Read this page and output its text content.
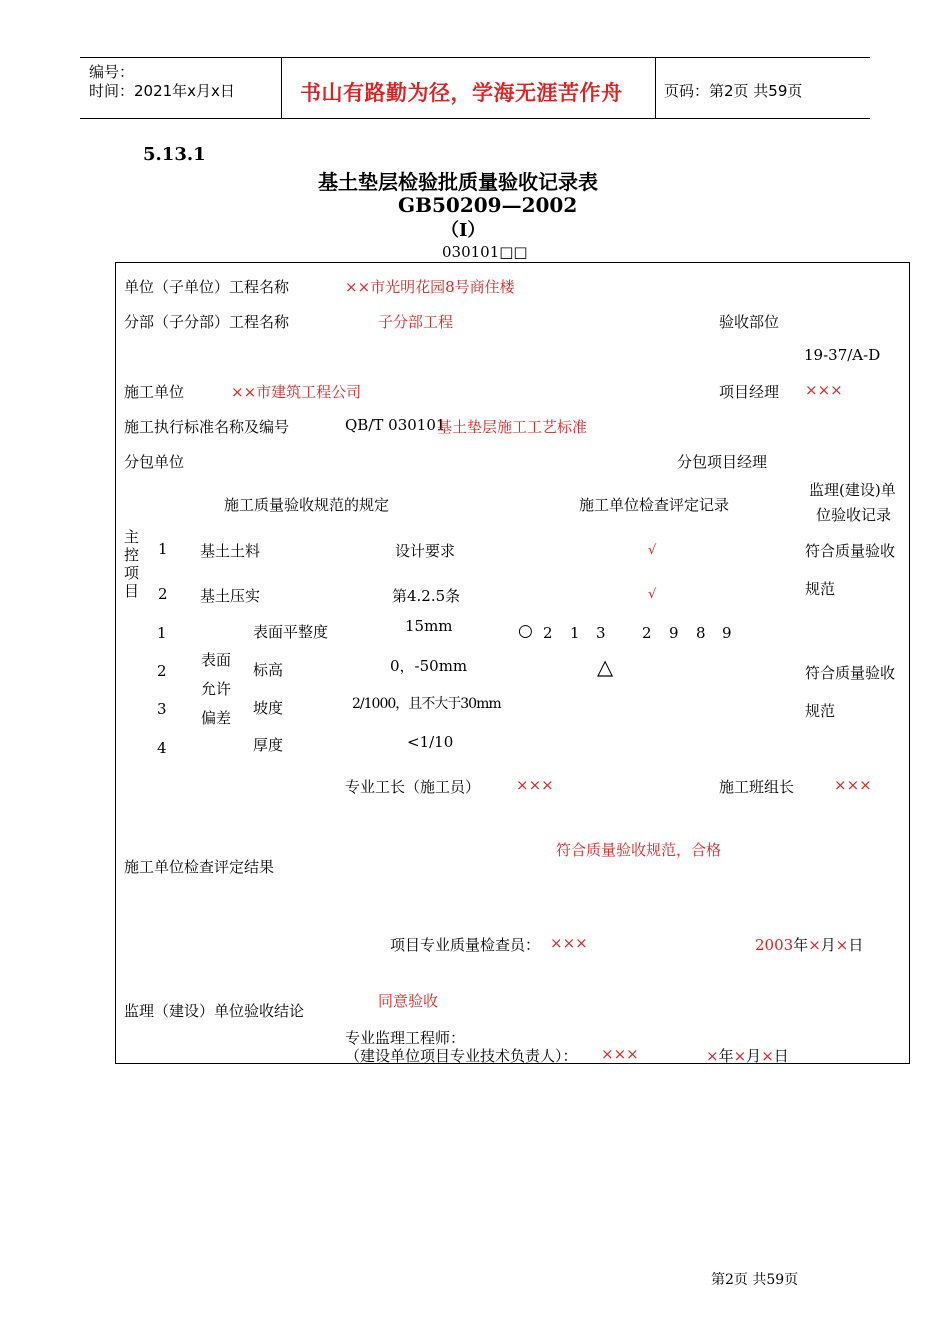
编号：
时间：2021年x月x日	书山有路勤为径，学海无涯苦作舟	页码：第2页 共59页
5.13.1
基土垫层检验批质量验收记录表
GB50209—2002
（Ⅰ）
030101□□
单位（子单位）工程名称	××市光明花园8号商住楼
分部（子分部）工程名称	子分部工程	验收部位
19-37/A-D
施工单位	××市建筑工程公司	项目经理 ×××
施工执行标准名称及编号	QB/T 030101
基土垫层施工工艺标准
分包单位	分包项目经理
施工质量验收规范的规定	施工单位检查评定记录
监理(建设)单
位验收记录
主
控
项
目
1 基土土料	设计要求	√	符合质量验收
2 基土压实	第4.2.5条	√	规范
表面
允许
偏差
1	表面平整度	15mm	○ 2 1 3 2 9 8 9
2	标高	0，-50mm	△	符合质量验收
3	坡度	2/1000，且不大于30mm	规范
4	厚度	<1/10
专业工长（施工员） ×××	施工班组长	×××
符合质量验收规范，合格
施工单位检查评定结果
项目专业质量检查员： ×××	2003年×月×日
同意验收
监理（建设）单位验收结论
专业监理工程师：
（建设单位项目专业技术负责人）： ×××	×年×月×日
第2页 共59页
